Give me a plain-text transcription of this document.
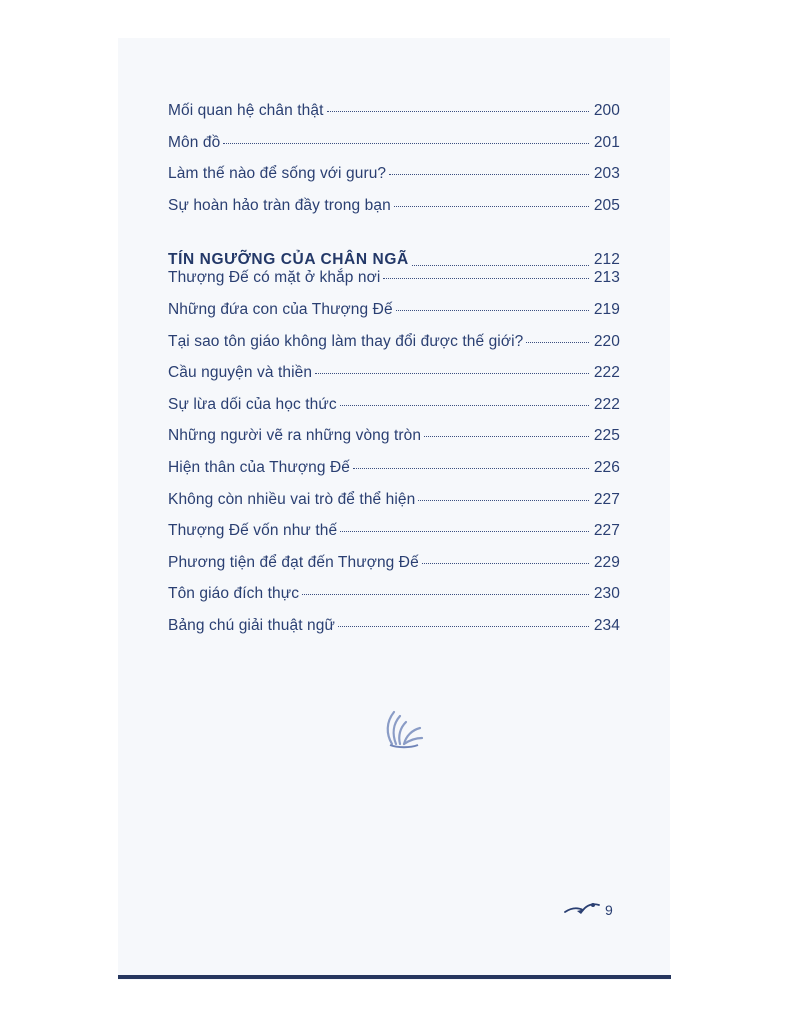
Mối quan hệ chân thật	200
Môn đồ	201
Làm thế nào để sống với guru?	203
Sự hoàn hảo tràn đầy trong bạn	205
TÍN NGƯỠNG CỦA CHÂN NGÃ	212
Thượng Đế có mặt ở khắp nơi	213
Những đứa con của Thượng Đế	219
Tại sao tôn giáo không làm thay đổi được thế giới?	220
Cầu nguyện và thiền	222
Sự lừa dối của học thức	222
Những người vẽ ra những vòng tròn	225
Hiện thân của Thượng Đế	226
Không còn nhiều vai trò để thể hiện	227
Thượng Đế vốn như thế	227
Phương tiện để đạt đến Thượng Đế	229
Tôn giáo đích thực	230
Bảng chú giải thuật ngữ	234
9
